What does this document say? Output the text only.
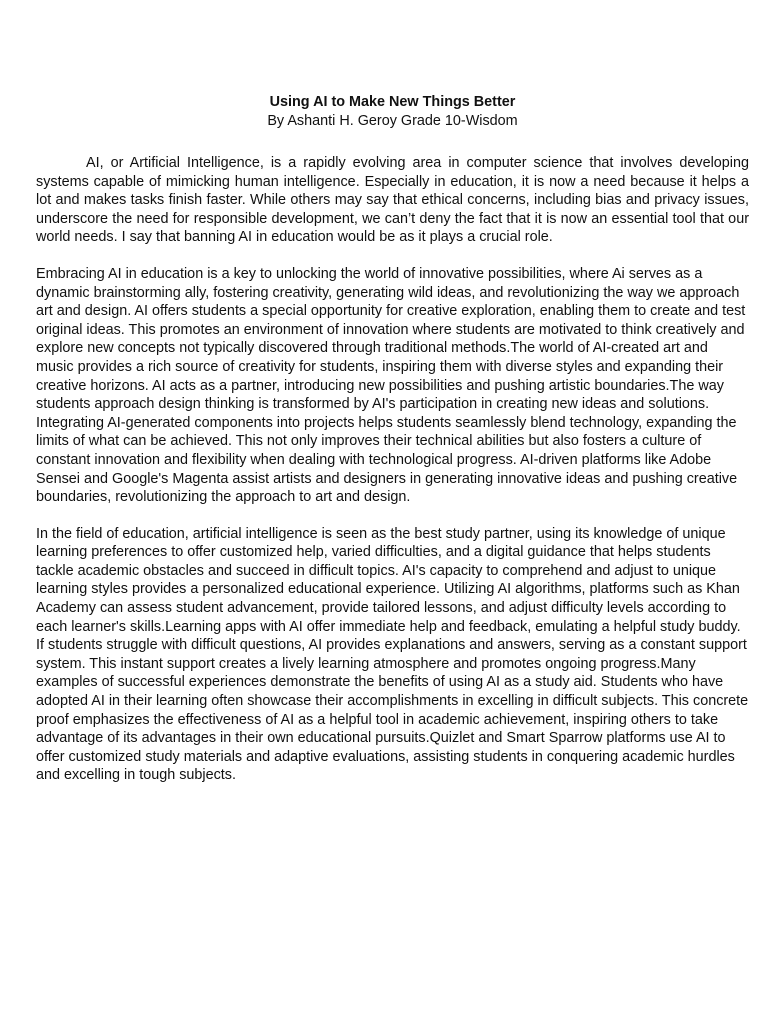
Using AI to Make New Things Better

By Ashanti H. Geroy Grade 10-Wisdom

AI, or Artificial Intelligence, is a rapidly evolving area in computer science that involves developing systems capable of mimicking human intelligence. Especially in education, it is now a need because it helps a lot and makes tasks finish faster. While others may say that ethical concerns, including bias and privacy issues, underscore the need for responsible development, we can’t deny the fact that it is now an essential tool that our world needs. I say that banning AI in education would be as it plays a crucial role.

Embracing AI in education is a key to unlocking the world of innovative possibilities, where Ai serves as a dynamic brainstorming ally, fostering creativity, generating wild ideas, and revolutionizing the way we approach art and design. AI offers students a special opportunity for creative exploration, enabling them to create and test original ideas. This promotes an environment of innovation where students are motivated to think creatively and explore new concepts not typically discovered through traditional methods.The world of AI-created art and music provides a rich source of creativity for students, inspiring them with diverse styles and expanding their creative horizons. AI acts as a partner, introducing new possibilities and pushing artistic boundaries.The way students approach design thinking is transformed by AI's participation in creating new ideas and solutions. Integrating AI-generated components into projects helps students seamlessly blend technology, expanding the limits of what can be achieved. This not only improves their technical abilities but also fosters a culture of constant innovation and flexibility when dealing with technological progress. AI-driven platforms like Adobe Sensei and Google's Magenta assist artists and designers in generating innovative ideas and pushing creative boundaries, revolutionizing the approach to art and design.

In the field of education, artificial intelligence is seen as the best study partner, using its knowledge of unique learning preferences to offer customized help, varied difficulties, and a digital guidance that helps students tackle academic obstacles and succeed in difficult topics. AI's capacity to comprehend and adjust to unique learning styles provides a personalized educational experience. Utilizing AI algorithms, platforms such as Khan Academy can assess student advancement, provide tailored lessons, and adjust difficulty levels according to each learner's skills.Learning apps with AI offer immediate help and feedback, emulating a helpful study buddy. If students struggle with difficult questions, AI provides explanations and answers, serving as a constant support system. This instant support creates a lively learning atmosphere and promotes ongoing progress.Many examples of successful experiences demonstrate the benefits of using AI as a study aid. Students who have adopted AI in their learning often showcase their accomplishments in excelling in difficult subjects. This concrete proof emphasizes the effectiveness of AI as a helpful tool in academic achievement, inspiring others to take advantage of its advantages in their own educational pursuits.Quizlet and Smart Sparrow platforms use AI to offer customized study materials and adaptive evaluations, assisting students in conquering academic hurdles and excelling in tough subjects.
